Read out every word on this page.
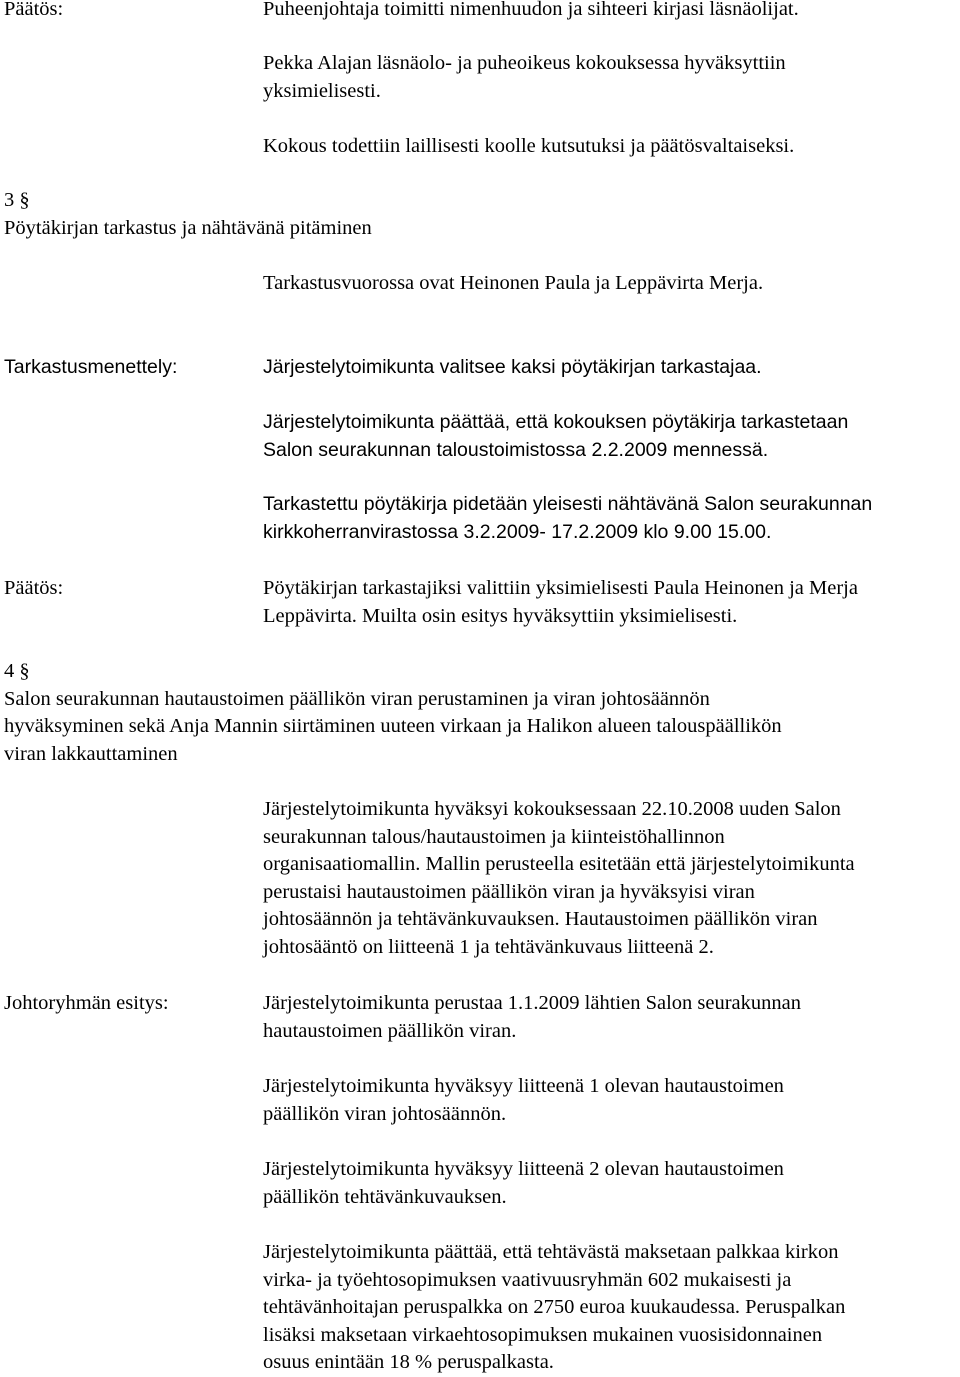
Päätös:	Puheenjohtaja toimitti nimenhuudon ja sihteeri kirjasi läsnäolijat.
Pekka Alajan läsnäolo- ja puheoikeus kokouksessa hyväksyttiin
yksimielisesti.
Kokous todettiin laillisesti koolle kutsutuksi ja päätösvaltaiseksi.
3 §
Pöytäkirjan tarkastus ja nähtävänä pitäminen
Tarkastusvuorossa ovat Heinonen Paula ja Leppävirta Merja.
Tarkastusmenettely:	Järjestelytoimikunta valitsee kaksi pöytäkirjan tarkastajaa.
Järjestelytoimikunta päättää, että kokouksen pöytäkirja tarkastetaan
Salon seurakunnan taloustoimistossa 2.2.2009 mennessä.
Tarkastettu pöytäkirja pidetään yleisesti nähtävänä Salon seurakunnan
kirkkoherranvirastossa 3.2.2009- 17.2.2009 klo 9.00 15.00.
Päätös:	Pöytäkirjan tarkastajiksi valittiin yksimielisesti Paula Heinonen ja Merja
Leppävirta. Muilta osin esitys hyväksyttiin yksimielisesti.
4 §
Salon seurakunnan hautaustoimen päällikön viran perustaminen ja viran johtosäännön
hyväksyminen sekä Anja Mannin siirtäminen uuteen virkaan ja Halikon alueen talouspäällikön
viran lakkauttaminen
Järjestelytoimikunta hyväksyi kokouksessaan 22.10.2008 uuden Salon
seurakunnan talous/hautaustoimen ja kiinteistöhallinnon
organisaatiomallin. Mallin perusteella esitetään että järjestelytoimikunta
perustaisi hautaustoimen päällikön viran ja hyväksyisi viran
johtosäännön ja tehtävänkuvauksen. Hautaustoimen päällikön viran
johtosääntö on liitteenä 1 ja tehtävänkuvaus liitteenä 2.
Johtoryhmän esitys:	Järjestelytoimikunta perustaa 1.1.2009 lähtien Salon seurakunnan
hautaustoimen päällikön viran.
Järjestelytoimikunta hyväksyy liitteenä 1 olevan hautaustoimen
päällikön viran johtosäännön.
Järjestelytoimikunta hyväksyy liitteenä 2 olevan hautaustoimen
päällikön tehtävänkuvauksen.
Järjestelytoimikunta päättää, että tehtävästä maksetaan palkkaa kirkon
virka- ja työehtosopimuksen vaativuusryhmän 602 mukaisesti ja
tehtävänhoitajan peruspalkka on 2750 euroa kuukaudessa. Peruspalkan
lisäksi maksetaan virkaehtosopimuksen mukainen vuosisidonnainen
osuus enintään 18 % peruspalkasta.
